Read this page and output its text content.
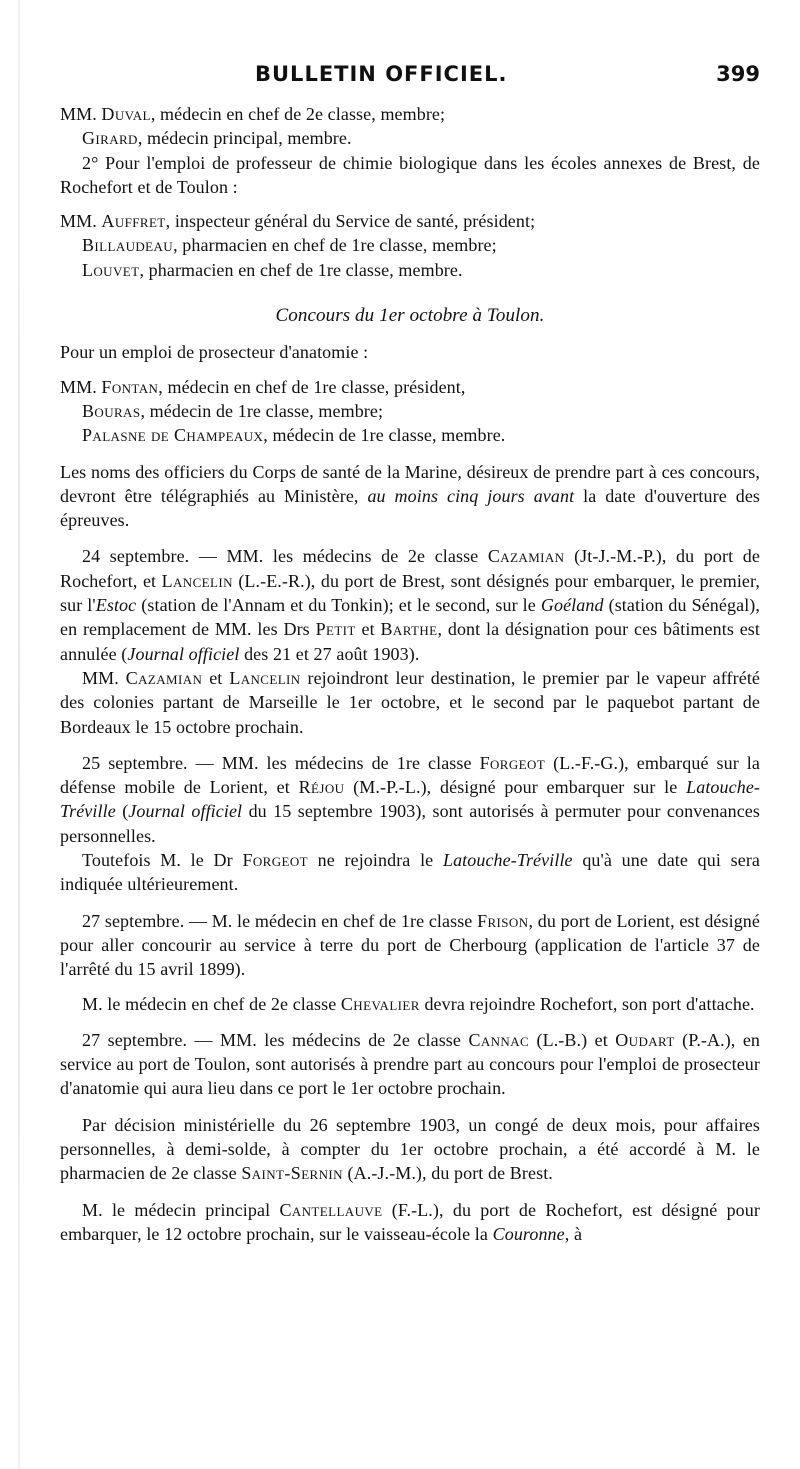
BULLETIN OFFICIEL.	399

MM. Duval, médecin en chef de 2e classe, membre;

Girard, médecin principal, membre.

2° Pour l'emploi de professeur de chimie biologique dans les écoles annexes de Brest, de Rochefort et de Toulon :

MM. Auffret, inspecteur général du Service de santé, président;

Billaudeau, pharmacien en chef de 1re classe, membre;

Louvet, pharmacien en chef de 1re classe, membre.

Concours du 1er octobre à Toulon.

Pour un emploi de prosecteur d'anatomie :

MM. Fontan, médecin en chef de 1re classe, président,

Bouras, médecin de 1re classe, membre;

Palasne de Champeaux, médecin de 1re classe, membre.

Les noms des officiers du Corps de santé de la Marine, désireux de prendre part à ces concours, devront être télégraphiés au Ministère, au moins cinq jours avant la date d'ouverture des épreuves.

24 septembre. — MM. les médecins de 2e classe Cazamian (Jt-J.-M.-P.), du port de Rochefort, et Lancelin (L.-E.-R.), du port de Brest, sont désignés pour embarquer, le premier, sur l'Estoc (station de l'Annam et du Tonkin); et le second, sur le Goéland (station du Sénégal), en remplacement de MM. les Drs Petit et Barthe, dont la désignation pour ces bâtiments est annulée (Journal officiel des 21 et 27 août 1903).

MM. Cazamian et Lancelin rejoindront leur destination, le premier par le vapeur affrété des colonies partant de Marseille le 1er octobre, et le second par le paquebot partant de Bordeaux le 15 octobre prochain.

25 septembre. — MM. les médecins de 1re classe Forgeot (L.-F.-G.), embarqué sur la défense mobile de Lorient, et Réjou (M.-P.-L.), désigné pour embarquer sur le Latouche-Tréville (Journal officiel du 15 septembre 1903), sont autorisés à permuter pour convenances personnelles.

Toutefois M. le Dr Forgeot ne rejoindra le Latouche-Tréville qu'à une date qui sera indiquée ultérieurement.

27 septembre. — M. le médecin en chef de 1re classe Frison, du port de Lorient, est désigné pour aller concourir au service à terre du port de Cherbourg (application de l'article 37 de l'arrêté du 15 avril 1899).

M. le médecin en chef de 2e classe Chevalier devra rejoindre Rochefort, son port d'attache.

27 septembre. — MM. les médecins de 2e classe Cannac (L.-B.) et Oudart (P.-A.), en service au port de Toulon, sont autorisés à prendre part au concours pour l'emploi de prosecteur d'anatomie qui aura lieu dans ce port le 1er octobre prochain.

Par décision ministérielle du 26 septembre 1903, un congé de deux mois, pour affaires personnelles, à demi-solde, à compter du 1er octobre prochain, a été accordé à M. le pharmacien de 2e classe Saint-Sernin (A.-J.-M.), du port de Brest.

M. le médecin principal Cantellauve (F.-L.), du port de Rochefort, est désigné pour embarquer, le 12 octobre prochain, sur le vaisseau-école la Couronne, à
